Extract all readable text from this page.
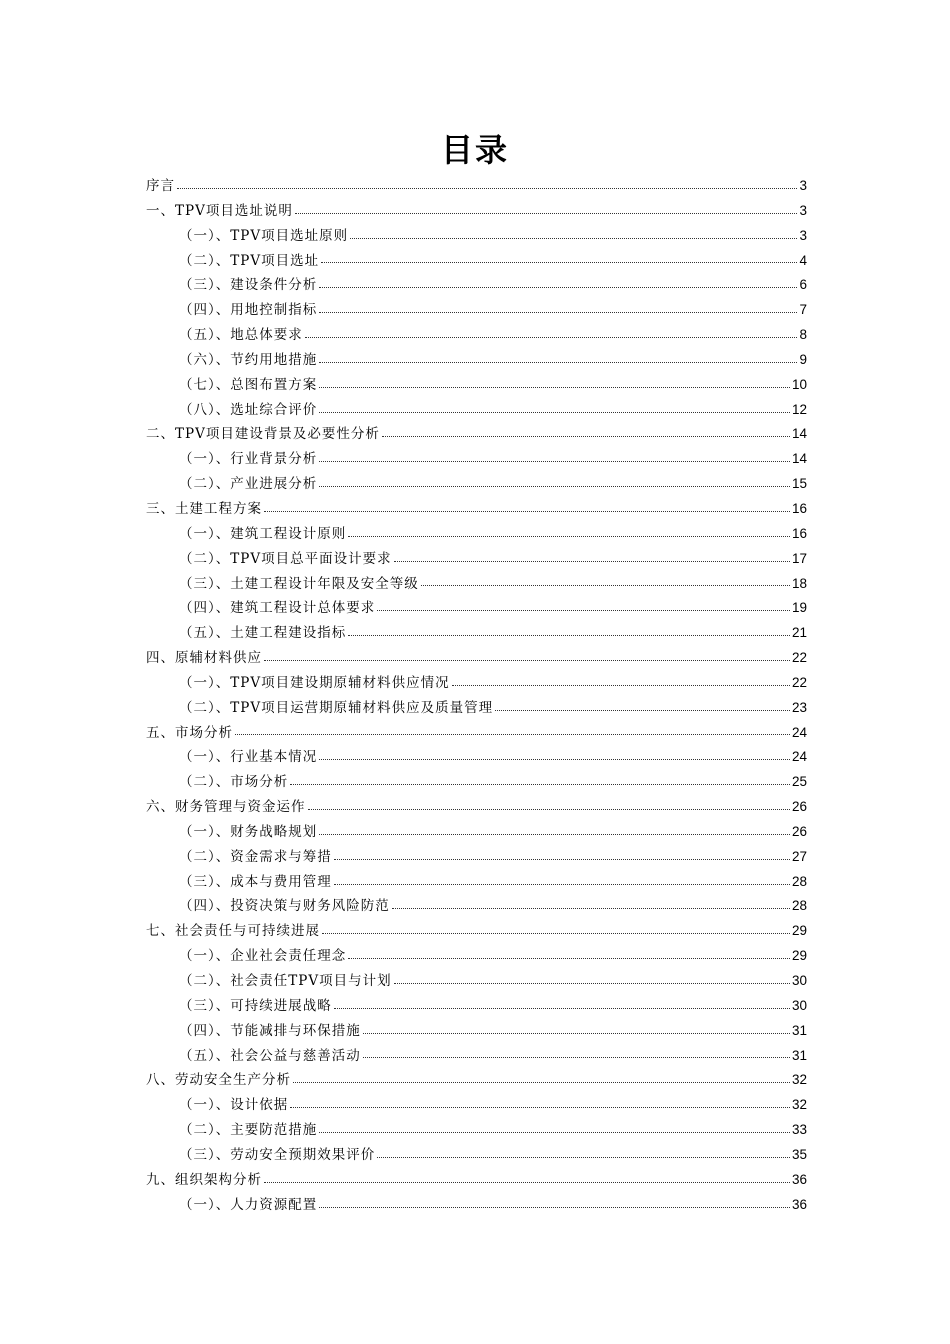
目录
序言	3
一、TPV项目选址说明	3
（一）、TPV项目选址原则	3
（二）、TPV项目选址	4
（三）、建设条件分析	6
（四）、用地控制指标	7
（五）、地总体要求	8
（六）、节约用地措施	9
（七）、总图布置方案	10
（八）、选址综合评价	12
二、TPV项目建设背景及必要性分析	14
（一）、行业背景分析	14
（二）、产业进展分析	15
三、土建工程方案	16
（一）、建筑工程设计原则	16
（二）、TPV项目总平面设计要求	17
（三）、土建工程设计年限及安全等级	18
（四）、建筑工程设计总体要求	19
（五）、土建工程建设指标	21
四、原辅材料供应	22
（一）、TPV项目建设期原辅材料供应情况	22
（二）、TPV项目运营期原辅材料供应及质量管理	23
五、市场分析	24
（一）、行业基本情况	24
（二）、市场分析	25
六、财务管理与资金运作	26
（一）、财务战略规划	26
（二）、资金需求与筹措	27
（三）、成本与费用管理	28
（四）、投资决策与财务风险防范	28
七、社会责任与可持续进展	29
（一）、企业社会责任理念	29
（二）、社会责任TPV项目与计划	30
（三）、可持续进展战略	30
（四）、节能减排与环保措施	31
（五）、社会公益与慈善活动	31
八、劳动安全生产分析	32
（一）、设计依据	32
（二）、主要防范措施	33
（三）、劳动安全预期效果评价	35
九、组织架构分析	36
（一）、人力资源配置	36
